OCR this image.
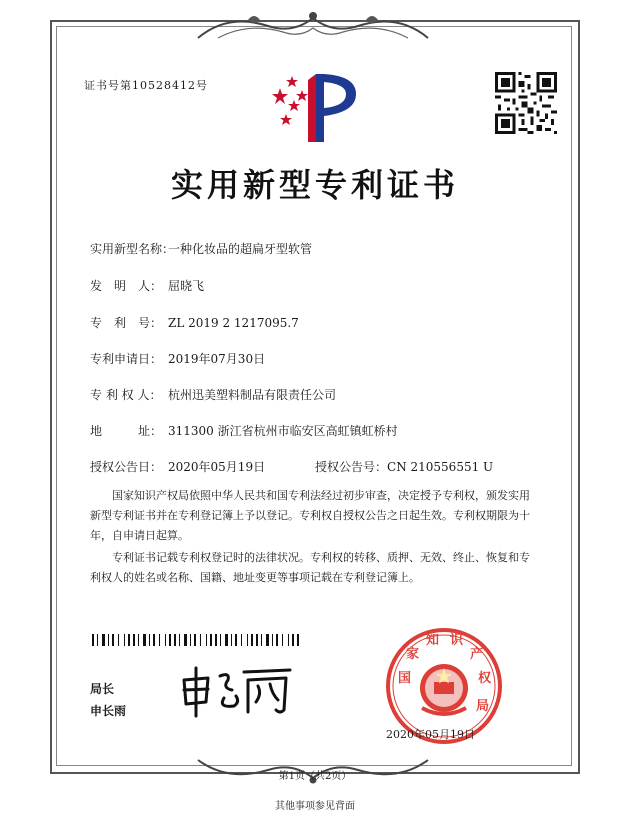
证书号第10528412号
实用新型专利证书
实用新型名称：一种化妆品的超扁牙型软管
发　明　人： 屈晓飞
专　利　号： ZL 2019 2 1217095.7
专利申请日： 2019年07月30日
专 利 权 人： 杭州迅美塑料制品有限责任公司
地　　　址： 311300 浙江省杭州市临安区高虹镇虹桥村
授权公告日： 2020年05月19日	授权公告号：CN 210556551 U
国家知识产权局依照中华人民共和国专利法经过初步审查，决定授予专利权，颁发实用新型专利证书并在专利登记簿上予以登记。专利权自授权公告之日起生效。专利权期限为十年，自申请日起算。
专利证书记载专利权登记时的法律状况。专利权的转移、质押、无效、终止、恢复和专利权人的姓名或名称、国籍、地址变更等事项记载在专利登记簿上。
局长
申长雨
国
家
知 识
产
权
局
2020年05月19日
第1页（共2页）
其他事项参见背面
